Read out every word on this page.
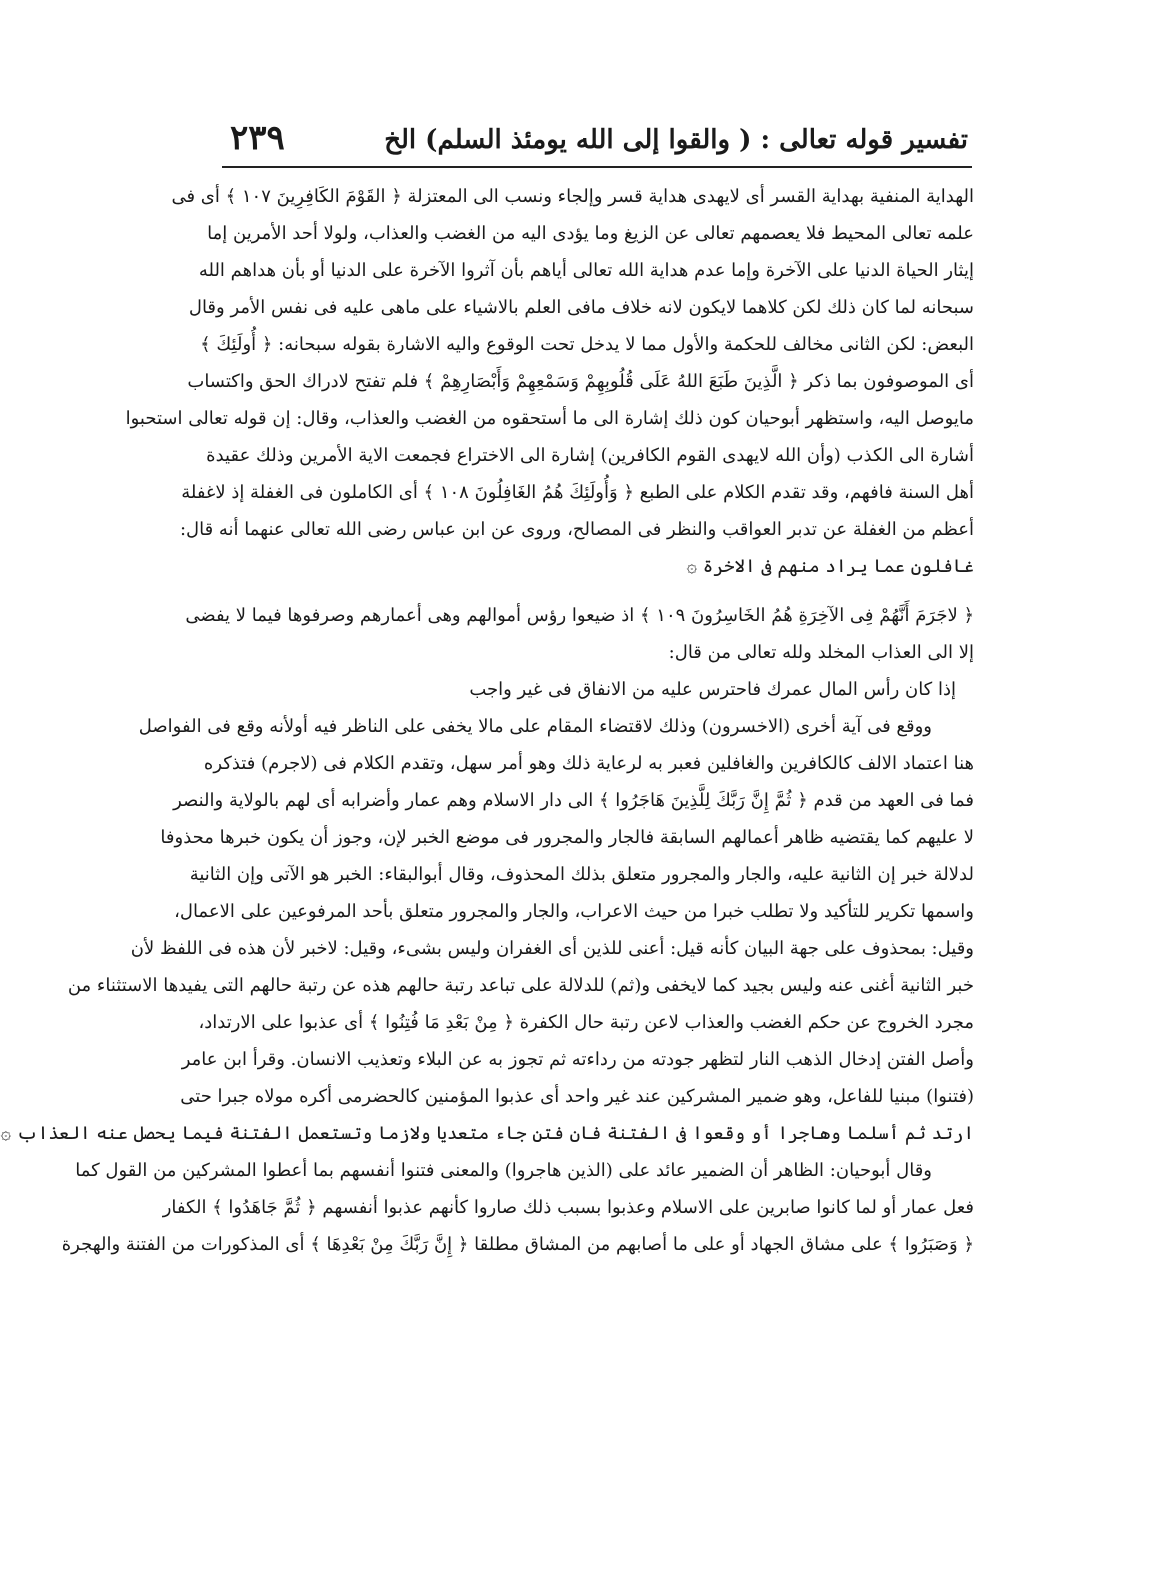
تفسير قوله تعالى : ( والقوا إلى الله يومئذ السلم) الخ
٢٣٩
الهداية المنفية بهداية القسر أى لايهدى هداية قسر وإلجاء ونسب الى المعتزلة ﴿ القَوْمَ الكَافِرِينَ ١٠٧ ﴾ أى فى
علمه تعالى المحيط فلا يعصمهم تعالى عن الزيغ وما يؤدى اليه من الغضب والعذاب، ولولا أحد الأمرين إما
إيثار الحياة الدنيا على الآخرة وإما عدم هداية الله تعالى أياهم بأن آثروا الآخرة على الدنيا أو بأن هداهم الله
سبحانه لما كان ذلك لكن كلاهما لايكون لانه خلاف مافى العلم بالاشياء على ماهى عليه فى نفس الأمر وقال
البعض: لكن الثانى مخالف للحكمة والأول مما لا يدخل تحت الوقوع واليه الاشارة بقوله سبحانه: ﴿ أُولَئِكَ ﴾
أى الموصوفون بما ذكر ﴿ الَّذِينَ طَبَعَ اللهُ عَلَى قُلُوبِهِمْ وَسَمْعِهِمْ وَأَبْصَارِهِمْ ﴾ فلم تفتح لادراك الحق واكتساب
مايوصل اليه، واستظهر أبوحيان كون ذلك إشارة الى ما أستحقوه من الغضب والعذاب، وقال: إن قوله تعالى استحبوا
أشارة الى الكذب (وأن الله لايهدى القوم الكافرين) إشارة الى الاختراع فجمعت الاية الأمرين وذلك عقيدة
أهل السنة فافهم، وقد تقدم الكلام على الطبع ﴿ وَأُولَئِكَ هُمُ الغَافِلُونَ ١٠٨ ﴾ أى الكاملون فى الغفلة إذ لاغفلة
أعظم من الغفلة عن تدبر العواقب والنظر فى المصالح، وروى عن ابن عباس رضى الله تعالى عنهما أنه قال:
غافلون عما يراد منهم فى الاخرة ۞
﴿ لاجَرَمَ أَنَّهُمْ فِى الآخِرَةِ هُمُ الخَاسِرُونَ ١٠٩ ﴾ اذ ضيعوا رؤس أموالهم وهى أعمارهم وصرفوها فيما لا يفضى
إلا الى العذاب المخلد ولله تعالى من قال:
إذا كان رأس المال عمرك فاحترس عليه من الانفاق فى غير واجب
ووقع فى آية أخرى (الاخسرون) وذلك لاقتضاء المقام على مالا يخفى على الناظر فيه أولأنه وقع فى الفواصل
هنا اعتماد الالف كالكافرين والغافلين فعبر به لرعاية ذلك وهو أمر سهل، وتقدم الكلام فى (لاجرم) فتذكره
فما فى العهد من قدم ﴿ ثُمَّ إِنَّ رَبَّكَ لِلَّذِينَ هَاجَرُوا ﴾ الى دار الاسلام وهم عمار وأضرابه أى لهم بالولاية والنصر
لا عليهم كما يقتضيه ظاهر أعمالهم السابقة فالجار والمجرور فى موضع الخبر لإن، وجوز أن يكون خبرها محذوفا
لدلالة خبر إن الثانية عليه، والجار والمجرور متعلق بذلك المحذوف، وقال أبوالبقاء: الخبر هو الآتى وإن الثانية
واسمها تكرير للتأكيد ولا تطلب خبرا من حيث الاعراب، والجار والمجرور متعلق بأحد المرفوعين على الاعمال،
وقيل: بمحذوف على جهة البيان كأنه قيل: أعنى للذين أى الغفران وليس بشىء، وقيل: لاخبر لأن هذه فى اللفظ لأن
خبر الثانية أغنى عنه وليس بجيد كما لايخفى و(ثم) للدلالة على تباعد رتبة حالهم هذه عن رتبة حالهم التى يفيدها الاستثناء من
مجرد الخروج عن حكم الغضب والعذاب لاعن رتبة حال الكفرة ﴿ مِنْ بَعْدِ مَا فُتِنُوا ﴾ أى عذبوا على الارتداد،
وأصل الفتن إدخال الذهب النار لتظهر جودته من رداءته ثم تجوز به عن البلاء وتعذيب الانسان. وقرأ ابن عامر
(فتنوا) مبنيا للفاعل، وهو ضمير المشركين عند غير واحد أى عذبوا المؤمنين كالحضرمى أكره مولاه جبرا حتى
ارتد ثم أسلما وهاجرا أو وقعوا فى الفتنة فان فتن جاء متعديا ولازما وتستعمل الفتنة فيما يحصل عنه العذاب ۞
وقال أبوحيان: الظاهر أن الضمير عائد على (الذين هاجروا) والمعنى فتنوا أنفسهم بما أعطوا المشركين من القول كما
فعل عمار أو لما كانوا صابرين على الاسلام وعذبوا بسبب ذلك صاروا كأنهم عذبوا أنفسهم ﴿ ثُمَّ جَاهَدُوا ﴾ الكفار
﴿ وَصَبَرُوا ﴾ على مشاق الجهاد أو على ما أصابهم من المشاق مطلقا ﴿ إِنَّ رَبَّكَ مِنْ بَعْدِهَا ﴾ أى المذكورات من الفتنة والهجرة
